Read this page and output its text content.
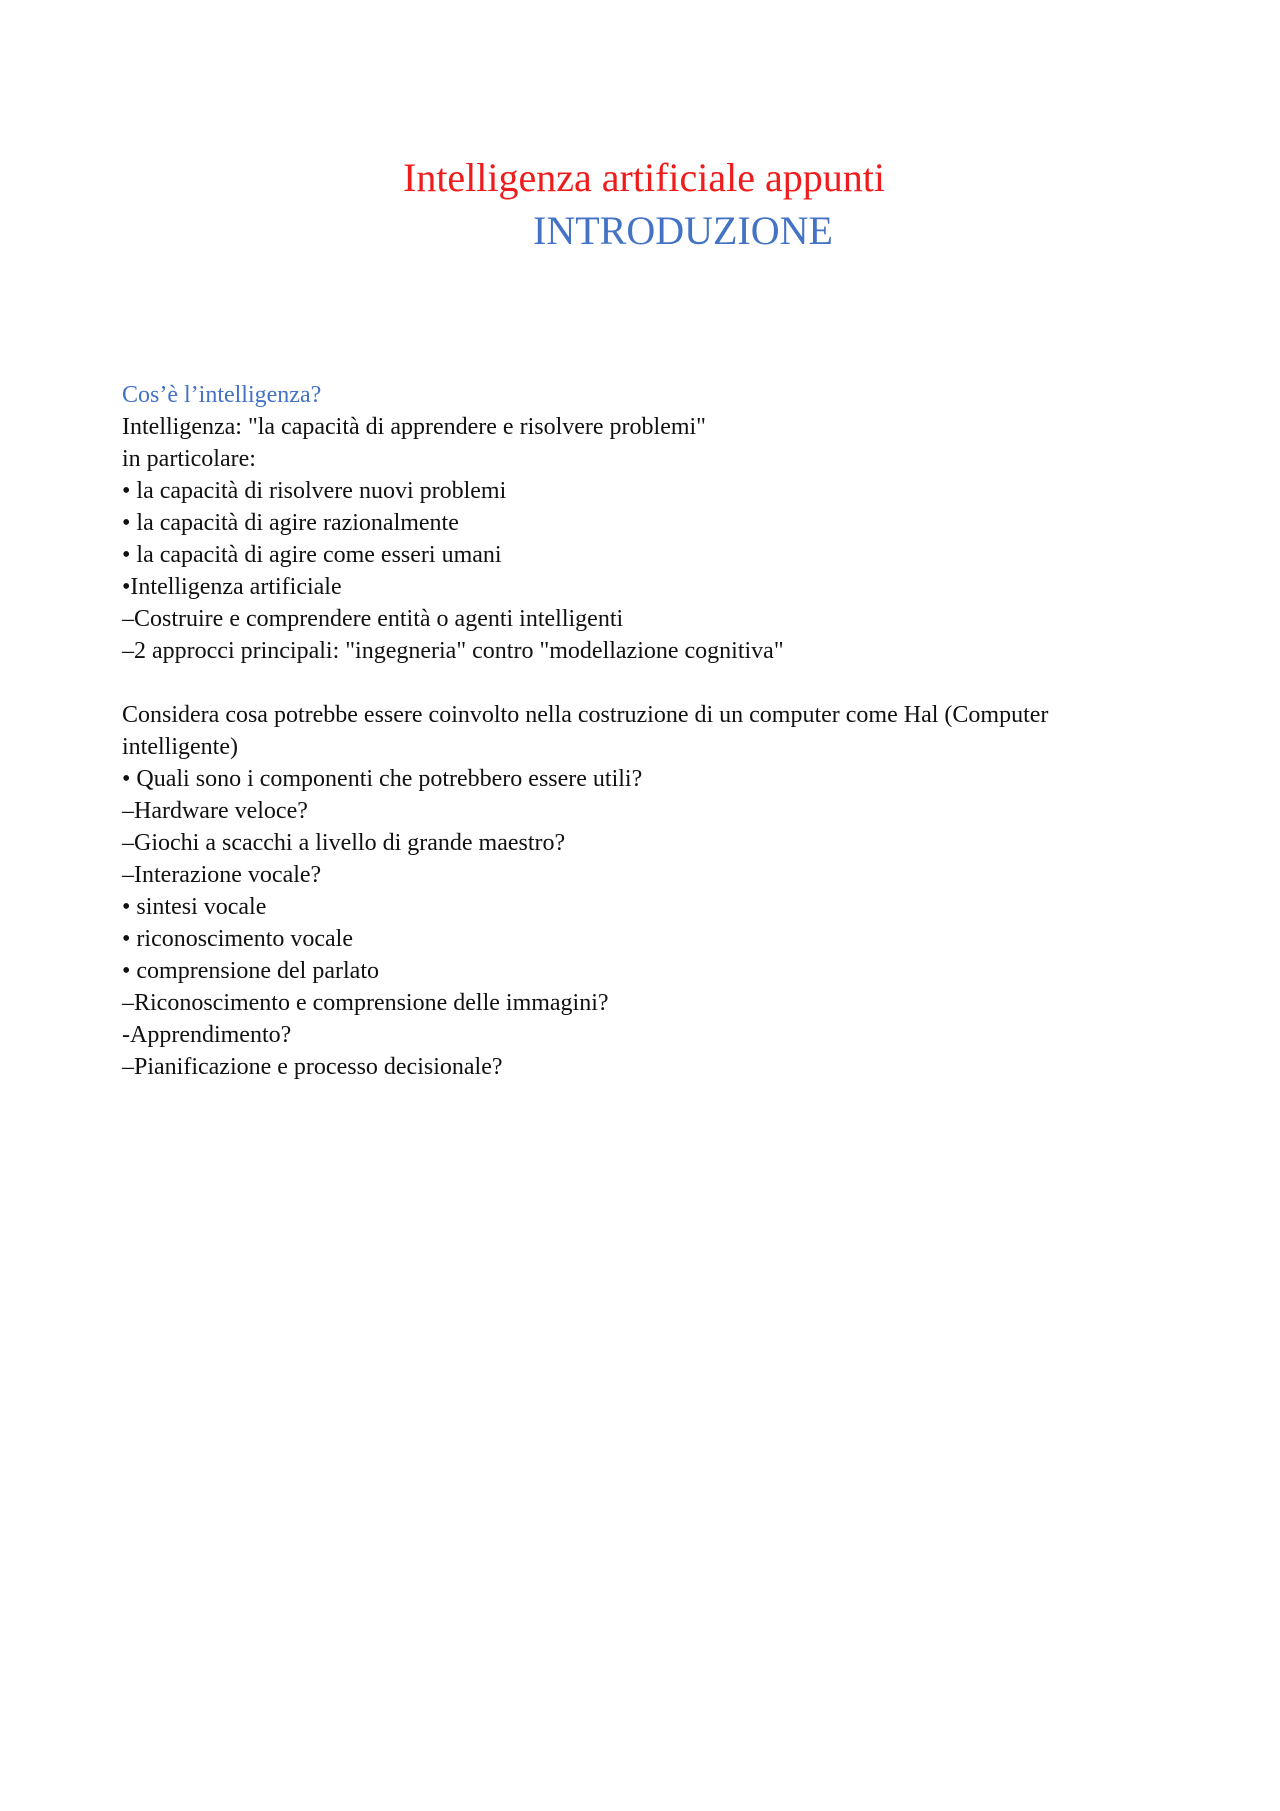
Intelligenza artificiale appunti
INTRODUZIONE
Cos’è l’intelligenza?

Intelligenza: "la capacità di apprendere e risolvere problemi"

in particolare:

• la capacità di risolvere nuovi problemi

• la capacità di agire razionalmente

• la capacità di agire come esseri umani

•Intelligenza artificiale

–Costruire e comprendere entità o agenti intelligenti

–2 approcci principali: "ingegneria" contro "modellazione cognitiva"

Considera cosa potrebbe essere coinvolto nella costruzione di un computer come Hal (Computer intelligente)

• Quali sono i componenti che potrebbero essere utili?

–Hardware veloce?

–Giochi a scacchi a livello di grande maestro?

–Interazione vocale?

• sintesi vocale

• riconoscimento vocale

• comprensione del parlato

–Riconoscimento e comprensione delle immagini?

-Apprendimento?

–Pianificazione e processo decisionale?
